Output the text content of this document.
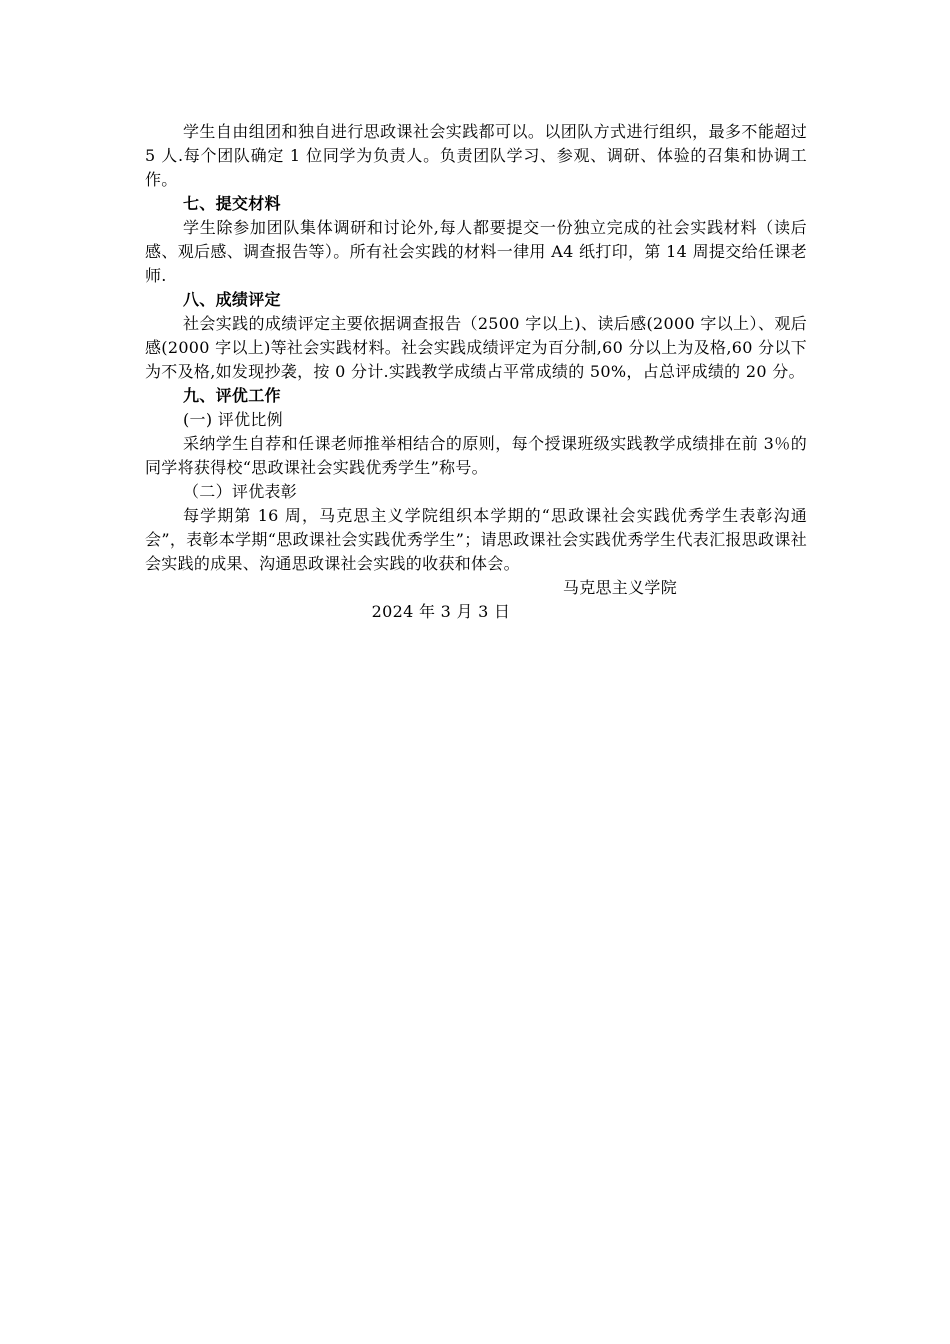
学生自由组团和独自进行思政课社会实践都可以。以团队方式进行组织，最多不能超过 5 人.每个团队确定 1 位同学为负责人。负责团队学习、参观、调研、体验的召集和协调工作。

七、提交材料

学生除参加团队集体调研和讨论外,每人都要提交一份独立完成的社会实践材料（读后感、观后感、调查报告等）。所有社会实践的材料一律用 A4 纸打印，第 14 周提交给任课老师.

八、成绩评定

社会实践的成绩评定主要依据调查报告（2500 字以上)、读后感(2000 字以上）、观后感(2000 字以上)等社会实践材料。社会实践成绩评定为百分制,60 分以上为及格,60 分以下为不及格,如发现抄袭，按 0 分计.实践教学成绩占平常成绩的 50%，占总评成绩的 20 分。

九、评优工作

(一) 评优比例

采纳学生自荐和任课老师推举相结合的原则，每个授课班级实践教学成绩排在前 3％的同学将获得校“思政课社会实践优秀学生”称号。

（二）评优表彰

每学期第 16 周，马克思主义学院组织本学期的“思政课社会实践优秀学生表彰沟通会”，表彰本学期“思政课社会实践优秀学生”；请思政课社会实践优秀学生代表汇报思政课社会实践的成果、沟通思政课社会实践的收获和体会。

马克思主义学院

2024 年 3 月 3 日
